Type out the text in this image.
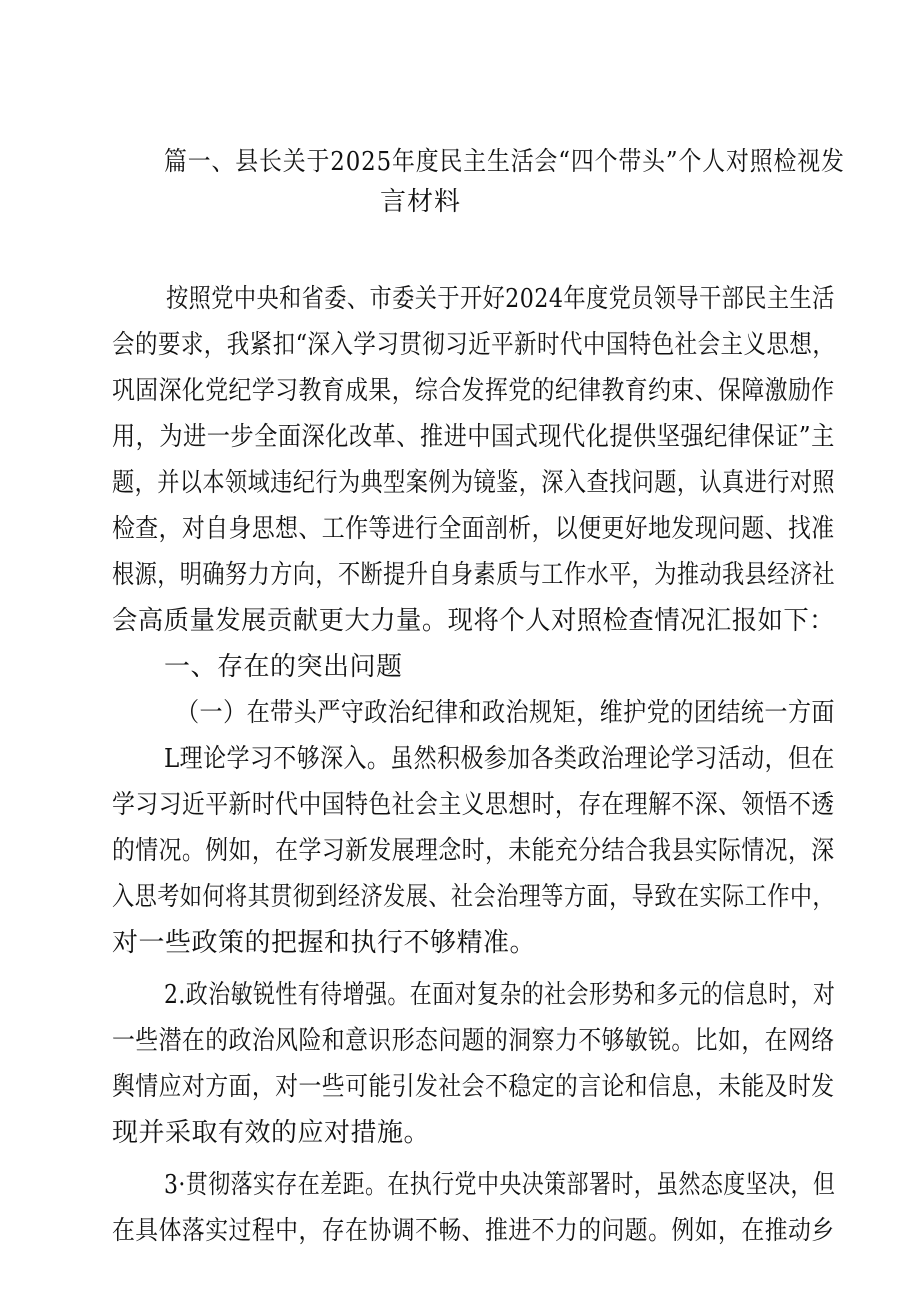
篇一、县长关于2025年度民主生活会“四个带头”个人对照检视发
言材料
按照党中央和省委、市委关于开好2024年度党员领导干部民主生活
会的要求，我紧扣“深入学习贯彻习近平新时代中国特色社会主义思想，
巩固深化党纪学习教育成果，综合发挥党的纪律教育约束、保障激励作
用，为进一步全面深化改革、推进中国式现代化提供坚强纪律保证”主
题，并以本领域违纪行为典型案例为镜鉴，深入查找问题，认真进行对照
检查，对自身思想、工作等进行全面剖析，以便更好地发现问题、找准
根源，明确努力方向，不断提升自身素质与工作水平，为推动我县经济社
会高质量发展贡献更大力量。现将个人对照检查情况汇报如下：
一、存在的突出问题
（一）在带头严守政治纪律和政治规矩，维护党的团结统一方面
L理论学习不够深入。虽然积极参加各类政治理论学习活动，但在
学习习近平新时代中国特色社会主义思想时，存在理解不深、领悟不透
的情况。例如，在学习新发展理念时，未能充分结合我县实际情况，深
入思考如何将其贯彻到经济发展、社会治理等方面，导致在实际工作中，
对一些政策的把握和执行不够精准。
2.政治敏锐性有待增强。在面对复杂的社会形势和多元的信息时，对
一些潜在的政治风险和意识形态问题的洞察力不够敏锐。比如，在网络
舆情应对方面，对一些可能引发社会不稳定的言论和信息，未能及时发
现并采取有效的应对措施。
3·贯彻落实存在差距。在执行党中央决策部署时，虽然态度坚决，但
在具体落实过程中，存在协调不畅、推进不力的问题。例如，在推动乡
